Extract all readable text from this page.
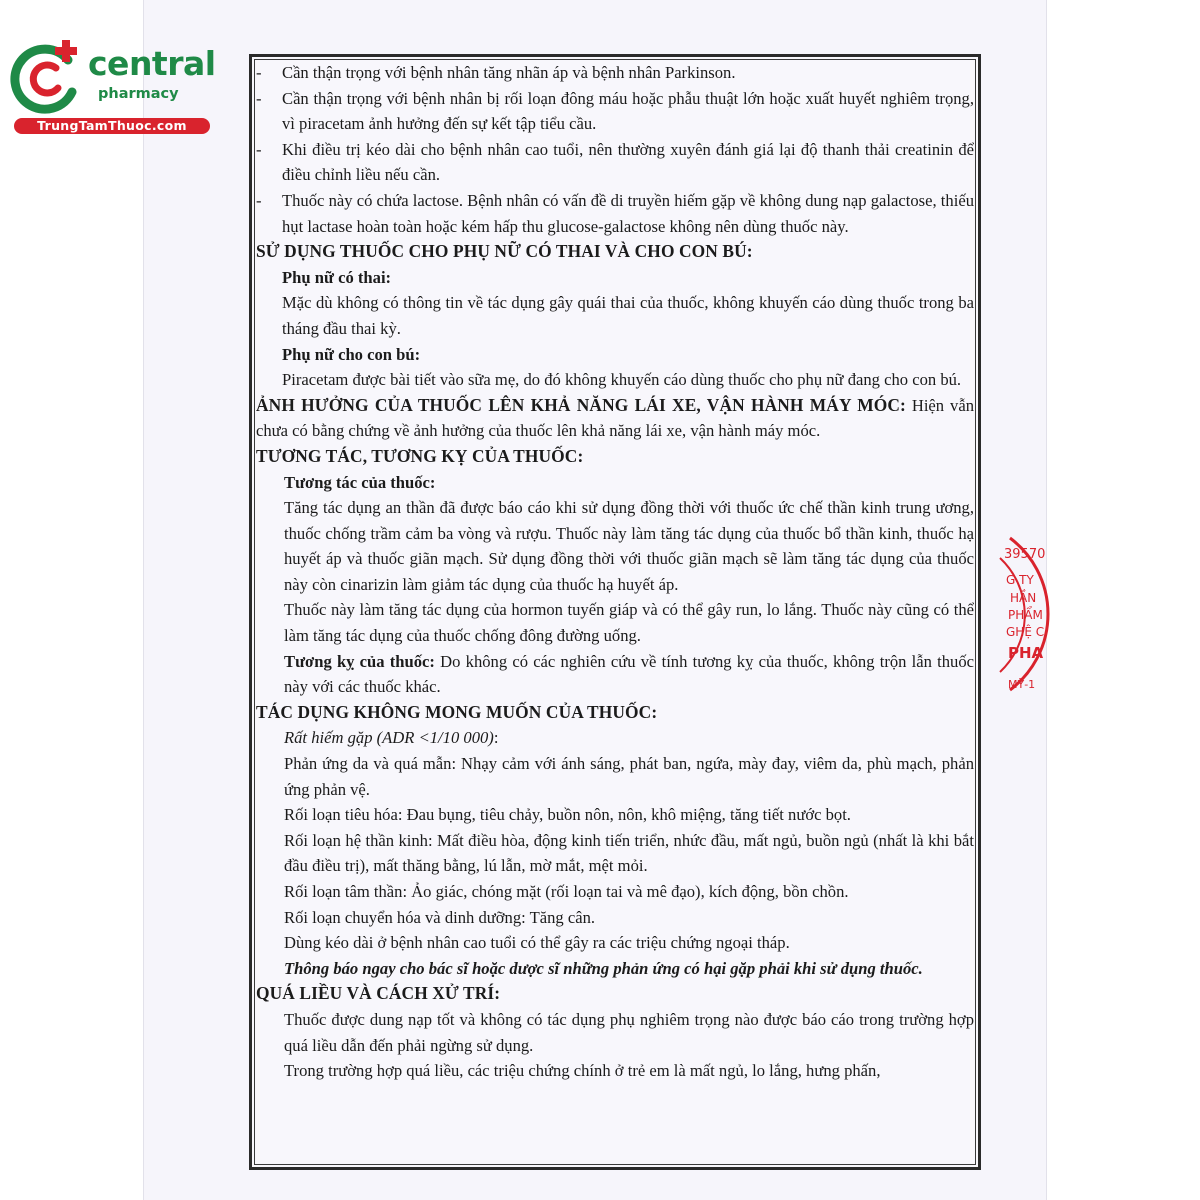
central
pharmacy
TrungTamThuoc.com
39570
G TY
HẦN
PHẨM
GHỆ C
PHA
MỸ-1
-	Cần thận trọng với bệnh nhân tăng nhãn áp và bệnh nhân Parkinson.
-	Cần thận trọng với bệnh nhân bị rối loạn đông máu hoặc phẫu thuật lớn hoặc xuất huyết nghiêm trọng, vì piracetam ảnh hưởng đến sự kết tập tiểu cầu.
-	Khi điều trị kéo dài cho bệnh nhân cao tuổi, nên thường xuyên đánh giá lại độ thanh thải creatinin để điều chỉnh liều nếu cần.
-	Thuốc này có chứa lactose. Bệnh nhân có vấn đề di truyền hiếm gặp về không dung nạp galactose, thiếu hụt lactase hoàn toàn hoặc kém hấp thu glucose-galactose không nên dùng thuốc này.

SỬ DỤNG THUỐC CHO PHỤ NỮ CÓ THAI VÀ CHO CON BÚ:

Phụ nữ có thai:

Mặc dù không có thông tin về tác dụng gây quái thai của thuốc, không khuyến cáo dùng thuốc trong ba tháng đầu thai kỳ.

Phụ nữ cho con bú:

Piracetam được bài tiết vào sữa mẹ, do đó không khuyến cáo dùng thuốc cho phụ nữ đang cho con bú.

ẢNH HƯỞNG CỦA THUỐC LÊN KHẢ NĂNG LÁI XE, VẬN HÀNH MÁY MÓC: Hiện vẫn chưa có bằng chứng về ảnh hưởng của thuốc lên khả năng lái xe, vận hành máy móc.

TƯƠNG TÁC, TƯƠNG KỴ CỦA THUỐC:

Tương tác của thuốc:

Tăng tác dụng an thần đã được báo cáo khi sử dụng đồng thời với thuốc ức chế thần kinh trung ương, thuốc chống trầm cảm ba vòng và rượu. Thuốc này làm tăng tác dụng của thuốc bổ thần kinh, thuốc hạ huyết áp và thuốc giãn mạch. Sử dụng đồng thời với thuốc giãn mạch sẽ làm tăng tác dụng của thuốc này còn cinarizin làm giảm tác dụng của thuốc hạ huyết áp.

Thuốc này làm tăng tác dụng của hormon tuyến giáp và có thể gây run, lo lắng. Thuốc này cũng có thể làm tăng tác dụng của thuốc chống đông đường uống.

Tương kỵ của thuốc: Do không có các nghiên cứu về tính tương kỵ của thuốc, không trộn lẫn thuốc này với các thuốc khác.

TÁC DỤNG KHÔNG MONG MUỐN CỦA THUỐC:

Rất hiếm gặp (ADR <1/10 000):

Phản ứng da và quá mẫn: Nhạy cảm với ánh sáng, phát ban, ngứa, mày đay, viêm da, phù mạch, phản ứng phản vệ.

Rối loạn tiêu hóa: Đau bụng, tiêu chảy, buồn nôn, nôn, khô miệng, tăng tiết nước bọt.

Rối loạn hệ thần kinh: Mất điều hòa, động kinh tiến triển, nhức đầu, mất ngủ, buồn ngủ (nhất là khi bắt đầu điều trị), mất thăng bằng, lú lẫn, mờ mắt, mệt mỏi.

Rối loạn tâm thần: Ảo giác, chóng mặt (rối loạn tai và mê đạo), kích động, bồn chồn.

Rối loạn chuyển hóa và dinh dưỡng: Tăng cân.

Dùng kéo dài ở bệnh nhân cao tuổi có thể gây ra các triệu chứng ngoại tháp.

Thông báo ngay cho bác sĩ hoặc dược sĩ những phản ứng có hại gặp phải khi sử dụng thuốc.

QUÁ LIỀU VÀ CÁCH XỬ TRÍ:

Thuốc được dung nạp tốt và không có tác dụng phụ nghiêm trọng nào được báo cáo trong trường hợp quá liều dẫn đến phải ngừng sử dụng.

Trong trường hợp quá liều, các triệu chứng chính ở trẻ em là mất ngủ, lo lắng, hưng phấn,
